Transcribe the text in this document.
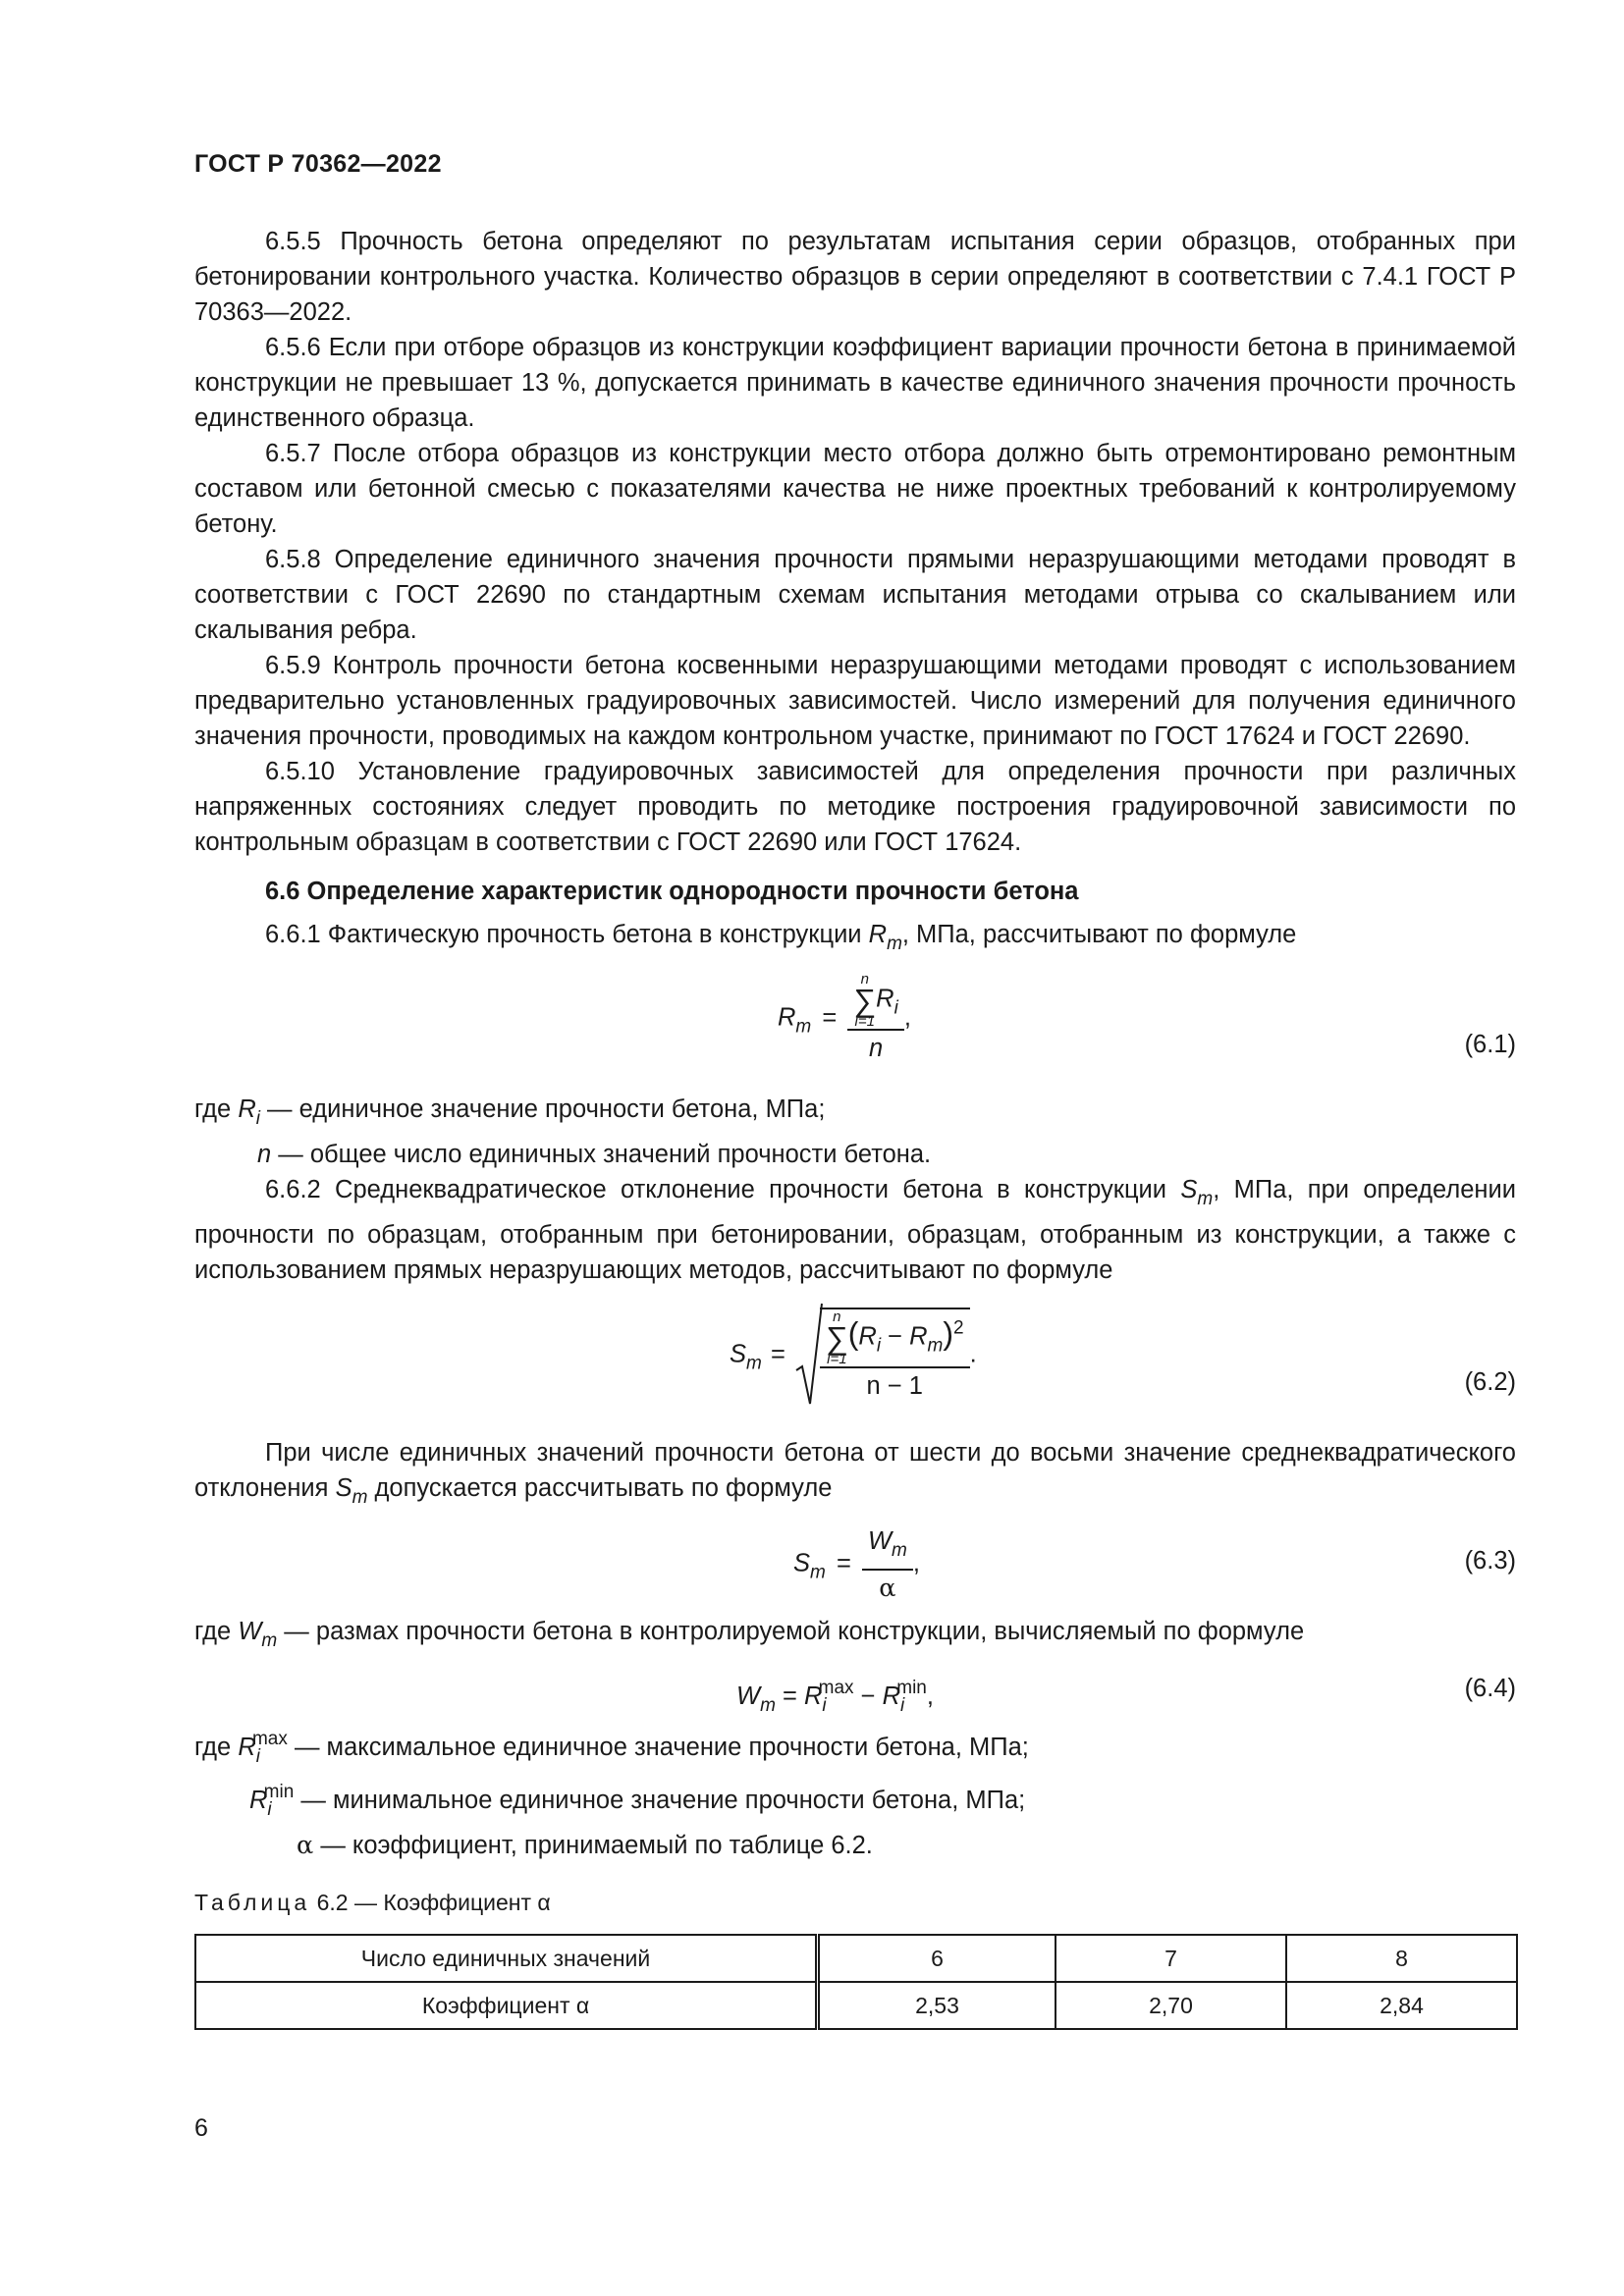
ГОСТ Р 70362—2022

6.5.5 Прочность бетона определяют по результатам испытания серии образцов, отобранных при бетонировании контрольного участка. Количество образцов в серии определяют в соответствии с 7.4.1 ГОСТ Р 70363—2022.

6.5.6 Если при отборе образцов из конструкции коэффициент вариации прочности бетона в принимаемой конструкции не превышает 13 %, допускается принимать в качестве единичного значения прочности прочность единственного образца.

6.5.7 После отбора образцов из конструкции место отбора должно быть отремонтировано ремонтным составом или бетонной смесью с показателями качества не ниже проектных требований к контролируемому бетону.

6.5.8 Определение единичного значения прочности прямыми неразрушающими методами проводят в соответствии с ГОСТ 22690 по стандартным схемам испытания методами отрыва со скалыванием или скалывания ребра.

6.5.9 Контроль прочности бетона косвенными неразрушающими методами проводят с использованием предварительно установленных градуировочных зависимостей. Число измерений для получения единичного значения прочности, проводимых на каждом контрольном участке, принимают по ГОСТ 17624 и ГОСТ 22690.

6.5.10 Установление градуировочных зависимостей для определения прочности при различных напряженных состояниях следует проводить по методике построения градуировочной зависимости по контрольным образцам в соответствии с ГОСТ 22690 или ГОСТ 17624.

6.6 Определение характеристик однородности прочности бетона

6.6.1 Фактическую прочность бетона в конструкции $R_m$, МПа, рассчитывают по формуле

$R_m = n$
∑
i=1
$R_i$
n ,
(6.1)

где $R_i$ — единичное значение прочности бетона, МПа;

n — общее число единичных значений прочности бетона.

6.6.2 Среднеквадратическое отклонение прочности бетона в конструкции $S_m$, МПа, при определении прочности по образцам, отобранным при бетонировании, образцам, отобранным из конструкции, а также с использованием прямых неразрушающих методов, рассчитывают по формуле

$S_m = n$
∑
i=1
$(R_i - R_m)^2$
n − 1 .
(6.2)

При числе единичных значений прочности бетона от шести до восьми значение среднеквадратического отклонения $S_m$ допускается рассчитывать по формуле

$S_m = \frac{W_m}{\alpha}$ ,	(6.3)

где $W_m$ — размах прочности бетона в контролируемой конструкции, вычисляемый по формуле

$W_m = R_i^{max} - R_i^{min}$,	(6.4)

где $R_i^{max}$ — максимальное единичное значение прочности бетона, МПа;

$R_i^{min}$ — минимальное единичное значение прочности бетона, МПа;

α — коэффициент, принимаемый по таблице 6.2.

Таблица 6.2 — Коэффициент α

Число единичных значений	6	7	8
Коэффициент α	2,53	2,70	2,84
6
